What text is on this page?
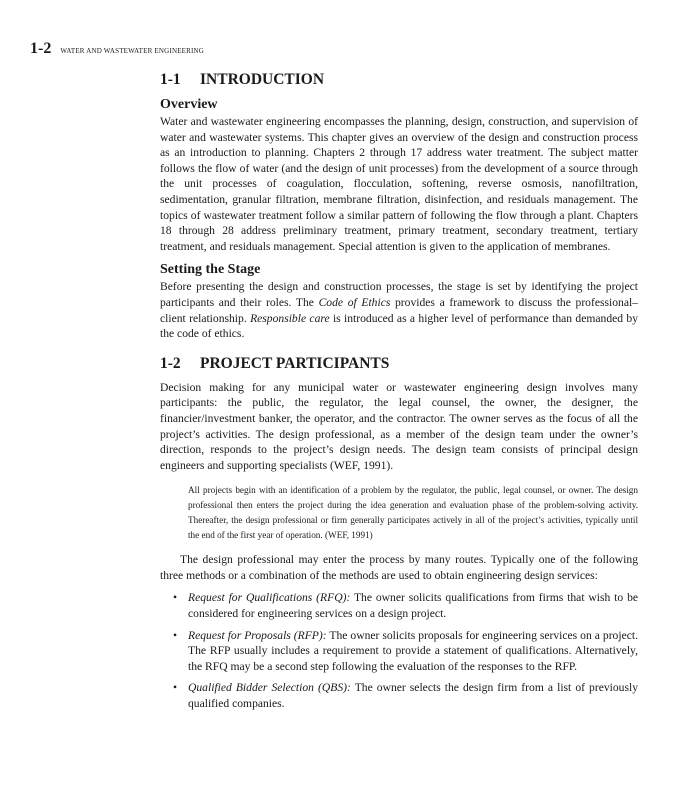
1-2 WATER AND WASTEWATER ENGINEERING
1-1 INTRODUCTION
Overview

Water and wastewater engineering encompasses the planning, design, construction, and supervision of water and wastewater systems. This chapter gives an overview of the design and construction process as an introduction to planning. Chapters 2 through 17 address water treatment. The subject matter follows the flow of water (and the design of unit processes) from the development of a source through the unit processes of coagulation, flocculation, softening, reverse osmosis, nanofiltration, sedimentation, granular filtration, membrane filtration, disinfection, and residuals management. The topics of wastewater treatment follow a similar pattern of following the flow through a plant. Chapters 18 through 28 address preliminary treatment, primary treatment, secondary treatment, tertiary treatment, and residuals management. Special attention is given to the application of membranes.

Setting the Stage

Before presenting the design and construction processes, the stage is set by identifying the project participants and their roles. The Code of Ethics provides a framework to discuss the professional–client relationship. Responsible care is introduced as a higher level of performance than demanded by the code of ethics.

1-2 PROJECT PARTICIPANTS

Decision making for any municipal water or wastewater engineering design involves many participants: the public, the regulator, the legal counsel, the owner, the designer, the financier/investment banker, the operator, and the contractor. The owner serves as the focus of all the project’s activities. The design professional, as a member of the design team under the owner’s direction, responds to the project’s design needs. The design team consists of principal design engineers and supporting specialists (WEF, 1991).

All projects begin with an identification of a problem by the regulator, the public, legal counsel, or owner. The design professional then enters the project during the idea generation and evaluation phase of the problem-solving activity. Thereafter, the design professional or firm generally participates actively in all of the project’s activities, typically until the end of the first year of operation. (WEF, 1991)

The design professional may enter the process by many routes. Typically one of the following three methods or a combination of the methods are used to obtain engineering design services:

• Request for Qualifications (RFQ): The owner solicits qualifications from firms that wish to be considered for engineering services on a design project.
• Request for Proposals (RFP): The owner solicits proposals for engineering services on a project. The RFP usually includes a requirement to provide a statement of qualifications. Alternatively, the RFQ may be a second step following the evaluation of the responses to the RFP.
• Qualified Bidder Selection (QBS): The owner selects the design firm from a list of previously qualified companies.
